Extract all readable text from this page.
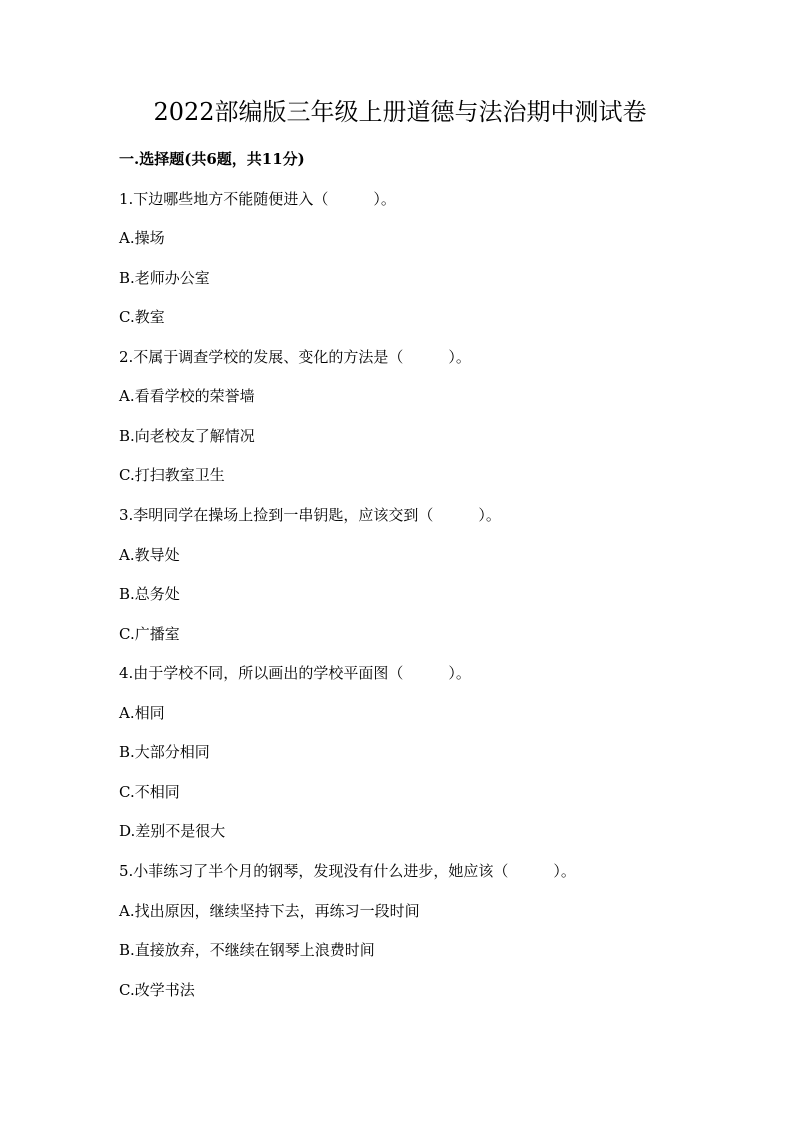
2022部编版三年级上册道德与法治期中测试卷
一.选择题(共6题，共11分)
1.下边哪些地方不能随便进入（　　　）。
A.操场
B.老师办公室
C.教室
2.不属于调查学校的发展、变化的方法是（　　　）。
A.看看学校的荣誉墙
B.向老校友了解情况
C.打扫教室卫生
3.李明同学在操场上捡到一串钥匙，应该交到（　　　）。
A.教导处
B.总务处
C.广播室
4.由于学校不同，所以画出的学校平面图（　　　）。
A.相同
B.大部分相同
C.不相同
D.差别不是很大
5.小菲练习了半个月的钢琴，发现没有什么进步，她应该（　　　）。
A.找出原因，继续坚持下去，再练习一段时间
B.直接放弃，不继续在钢琴上浪费时间
C.改学书法
